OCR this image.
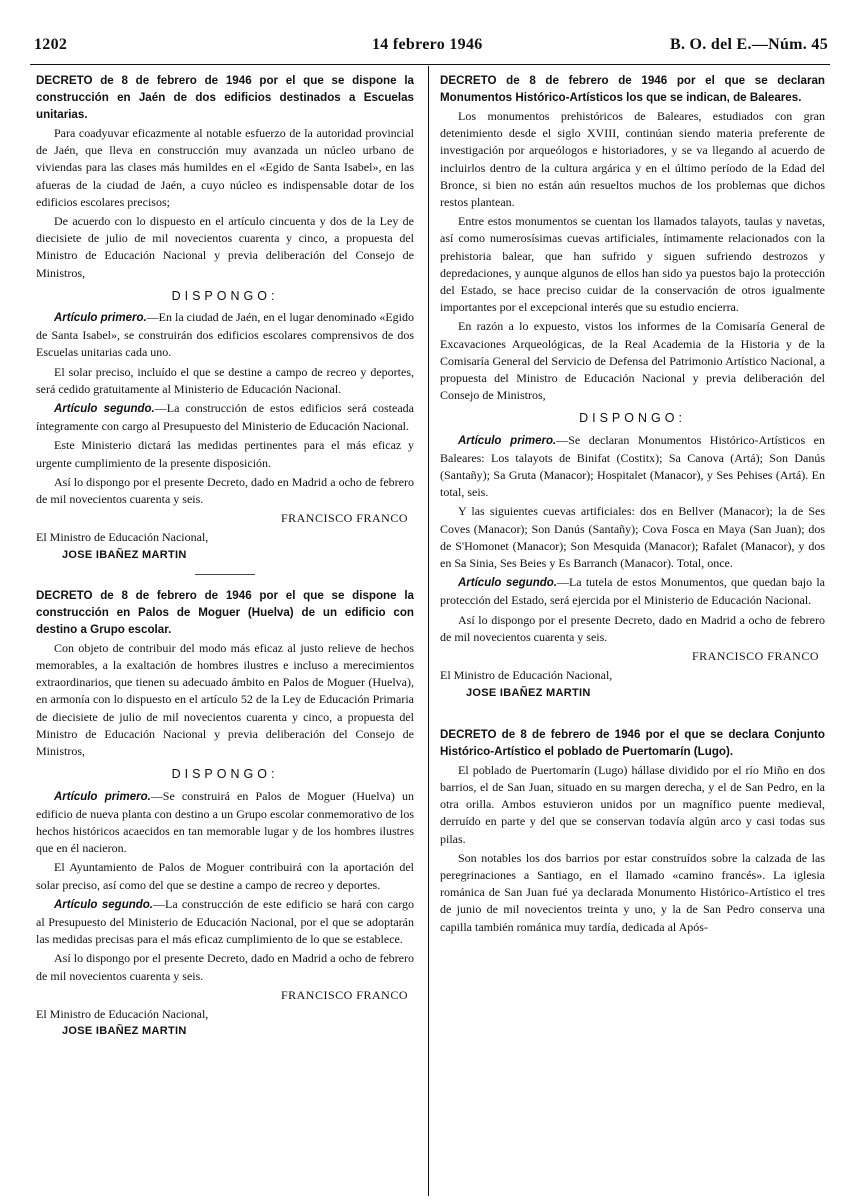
1202	14 febrero 1946	B. O. del E.—Núm. 45

DECRETO de 8 de febrero de 1946 por el que se dispone la construcción en Jaén de dos edificios destinados a Escuelas unitarias.

Para coadyuvar eficazmente al notable esfuerzo de la autoridad provincial de Jaén, que lleva en construcción muy avanzada un núcleo urbano de viviendas para las clases más humildes en el «Egido de Santa Isabel», en las afueras de la ciudad de Jaén, a cuyo núcleo es indispensable dotar de los edificios escolares precisos;

De acuerdo con lo dispuesto en el artículo cincuenta y dos de la Ley de diecisiete de julio de mil novecientos cuarenta y cinco, a propuesta del Ministro de Educación Nacional y previa deliberación del Consejo de Ministros,

DISPONGO:

Artículo primero.—En la ciudad de Jaén, en el lugar denominado «Egido de Santa Isabel», se construirán dos edificios escolares comprensivos de dos Escuelas unitarias cada uno.

El solar preciso, incluído el que se destine a campo de recreo y deportes, será cedido gratuitamente al Ministerio de Educación Nacional.

Artículo segundo.—La construcción de estos edificios será costeada íntegramente con cargo al Presupuesto del Ministerio de Educación Nacional.

Este Ministerio dictará las medidas pertinentes para el más eficaz y urgente cumplimiento de la presente disposición.

Así lo dispongo por el presente Decreto, dado en Madrid a ocho de febrero de mil novecientos cuarenta y seis.

FRANCISCO FRANCO
El Ministro de Educación Nacional,
JOSE IBAÑEZ MARTIN

DECRETO de 8 de febrero de 1946 por el que se dispone la construcción en Palos de Moguer (Huelva) de un edificio con destino a Grupo escolar.

Con objeto de contribuir del modo más eficaz al justo relieve de hechos memorables, a la exaltación de hombres ilustres e incluso a merecimientos extraordinarios, que tienen su adecuado ámbito en Palos de Moguer (Huelva), en armonía con lo dispuesto en el artículo 52 de la Ley de Educación Primaria de diecisiete de julio de mil novecientos cuarenta y cinco, a propuesta del Ministro de Educación Nacional y previa deliberación del Consejo de Ministros,

DISPONGO:

Artículo primero.—Se construirá en Palos de Moguer (Huelva) un edificio de nueva planta con destino a un Grupo escolar conmemorativo de los hechos históricos acaecidos en tan memorable lugar y de los hombres ilustres que en él nacieron.

El Ayuntamiento de Palos de Moguer contribuirá con la aportación del solar preciso, así como del que se destine a campo de recreo y deportes.

Artículo segundo.—La construcción de este edificio se hará con cargo al Presupuesto del Ministerio de Educación Nacional, por el que se adoptarán las medidas precisas para el más eficaz cumplimiento de lo que se establece.

Así lo dispongo por el presente Decreto, dado en Madrid a ocho de febrero de mil novecientos cuarenta y seis.

FRANCISCO FRANCO
El Ministro de Educación Nacional,
JOSE IBAÑEZ MARTIN

DECRETO de 8 de febrero de 1946 por el que se declaran Monumentos Histórico-Artísticos los que se indican, de Baleares.

Los monumentos prehistóricos de Baleares, estudiados con gran detenimiento desde el siglo XVIII, continúan siendo materia preferente de investigación por arqueólogos e historiadores, y se va llegando al acuerdo de incluirlos dentro de la cultura argárica y en el último período de la Edad del Bronce, si bien no están aún resueltos muchos de los problemas que dichos restos plantean.

Entre estos monumentos se cuentan los llamados talayots, taulas y navetas, así como numerosísimas cuevas artificiales, íntimamente relacionados con la prehistoria balear, que han sufrido y siguen sufriendo destrozos y depredaciones, y aunque algunos de ellos han sido ya puestos bajo la protección del Estado, se hace preciso cuidar de la conservación de otros igualmente importantes por el excepcional interés que su estudio encierra.

En razón a lo expuesto, vistos los informes de la Comisaría General de Excavaciones Arqueológicas, de la Real Academia de la Historia y de la Comisaría General del Servicio de Defensa del Patrimonio Artístico Nacional, a propuesta del Ministro de Educación Nacional y previa deliberación del Consejo de Ministros,

DISPONGO:

Artículo primero.—Se declaran Monumentos Histórico-Artísticos en Baleares: Los talayots de Binifat (Costitx); Sa Canova (Artá); Son Danús (Santañy); Sa Gruta (Manacor); Hospitalet (Manacor), y Ses Pehises (Artá). En total, seis.

Y las siguientes cuevas artificiales: dos en Bellver (Manacor); la de Ses Coves (Manacor); Son Danús (Santañy); Cova Fosca en Maya (San Juan); dos de S'Homonet (Manacor); Son Mesquida (Manacor); Rafalet (Manacor), y dos en Sa Sinia, Ses Beies y Es Barranch (Manacor). Total, once.

Artículo segundo.—La tutela de estos Monumentos, que quedan bajo la protección del Estado, será ejercida por el Ministerio de Educación Nacional.

Así lo dispongo por el presente Decreto, dado en Madrid a ocho de febrero de mil novecientos cuarenta y seis.

FRANCISCO FRANCO
El Ministro de Educación Nacional,
JOSE IBAÑEZ MARTIN

DECRETO de 8 de febrero de 1946 por el que se declara Conjunto Histórico-Artístico el poblado de Puertomarín (Lugo).

El poblado de Puertomarín (Lugo) hállase dividido por el río Miño en dos barrios, el de San Juan, situado en su margen derecha, y el de San Pedro, en la otra orilla. Ambos estuvieron unidos por un magnífico puente medieval, derruído en parte y del que se conservan todavía algún arco y casi todas sus pilas.

Son notables los dos barrios por estar construídos sobre la calzada de las peregrinaciones a Santiago, en el llamado «camino francés». La iglesia románica de San Juan fué ya declarada Monumento Histórico-Artístico el tres de junio de mil novecientos treinta y uno, y la de San Pedro conserva una capilla también románica muy tardía, dedicada al Após-
